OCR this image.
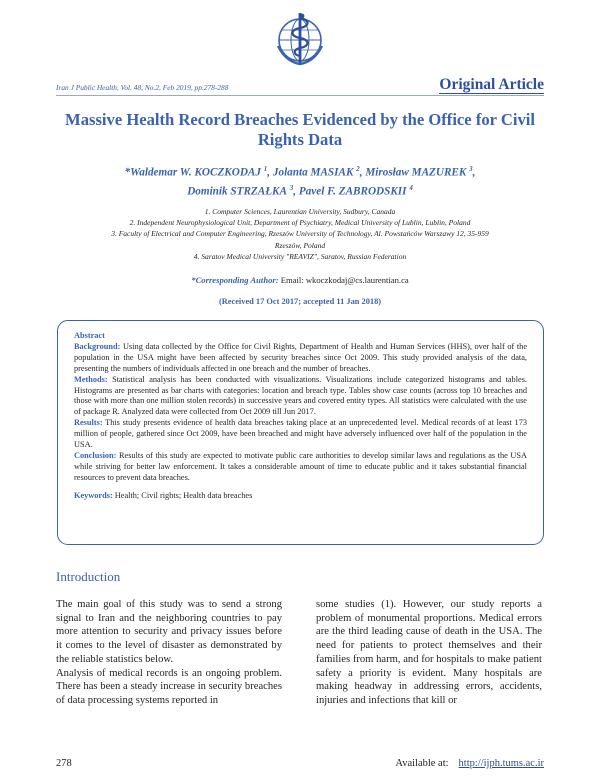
Iran J Public Health, Vol. 48, No.2, Feb 2019, pp.278-288	Original Article
Massive Health Record Breaches Evidenced by the Office for Civil Rights Data
*Waldemar W. KOCZKODAJ $^1$, Jolanta MASIAK $^2$, Mirosław MAZUREK $^3$,
Dominik STRZAŁKA $^3$, Pavel F. ZABRODSKII $^4$
1. Computer Sciences, Laurentian University, Sudbury, Canada
2. Independent Neurophysiological Unit, Department of Psychiatry, Medical University of Lublin, Lublin, Poland
3. Faculty of Electrical and Computer Engineering, Rzeszów University of Technology, Al. Powstańców Warszawy 12, 35-959
Rzeszów, Poland
4. Saratov Medical University "REAVIZ", Saratov, Russian Federation
*Corresponding Author: Email: wkoczkodaj@cs.laurentian.ca
(Received 17 Oct 2017; accepted 11 Jan 2018)

Abstract

Background: Using data collected by the Office for Civil Rights, Department of Health and Human Services (HHS), over half of the population in the USA might have been affected by security breaches since Oct 2009. This study provided analysis of the data, presenting the numbers of individuals affected in one breach and the number of breaches.

Methods: Statistical analysis has been conducted with visualizations. Visualizations include categorized histograms and tables. Histograms are presented as bar charts with categories: location and breach type. Tables show case counts (across top 10 breaches and those with more than one million stolen records) in successive years and covered entity types. All statistics were calculated with the use of package R. Analyzed data were collected from Oct 2009 till Jun 2017.

Results: This study presents evidence of health data breaches taking place at an unprecedented level. Medical records of at least 173 million of people, gathered since Oct 2009, have been breached and might have adversely influenced over half of the population in the USA.

Conclusion: Results of this study are expected to motivate public care authorities to develop similar laws and regulations as the USA while striving for better law enforcement. It takes a considerable amount of time to educate public and it takes substantial financial resources to prevent data breaches.

Keywords: Health; Civil rights; Health data breaches

Introduction

The main goal of this study was to send a strong signal to Iran and the neighboring countries to pay more attention to security and privacy issues before it comes to the level of disaster as demonstrated by the reliable statistics below.

Analysis of medical records is an ongoing problem. There has been a steady increase in security breaches of data processing systems reported in

some studies (1). However, our study reports a problem of monumental proportions. Medical errors are the third leading cause of death in the USA. The need for patients to protect themselves and their families from harm, and for hospitals to make patient safety a priority is evident. Many hospitals are making headway in addressing errors, accidents, injuries and infections that kill or

278	Available at: http://ijph.tums.ac.ir
